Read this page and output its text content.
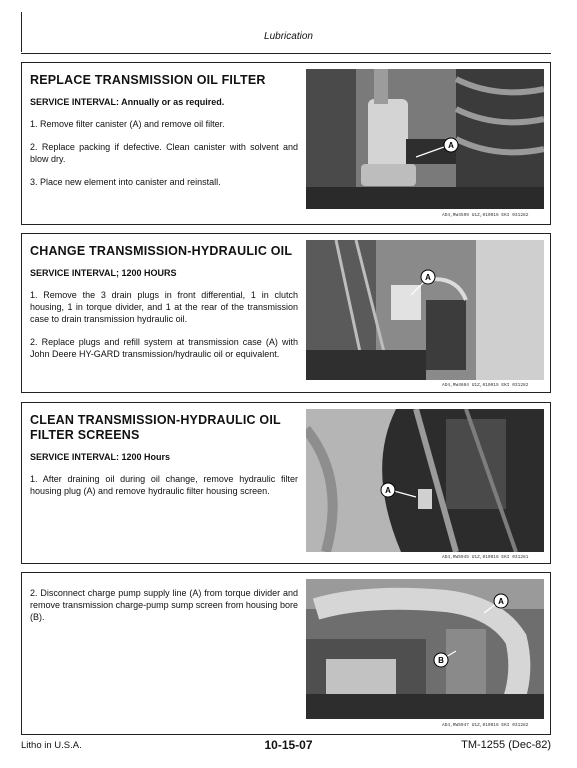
Lubrication
REPLACE TRANSMISSION OIL FILTER
SERVICE INTERVAL: Annually or as required.
1. Remove filter canister (A) and remove oil filter.
2. Replace packing if defective. Clean canister with solvent and blow dry.
3. Place new element into canister and reinstall.
A
AD4,RW4599 U1Z,010016 EKI 031282
CHANGE TRANSMISSION-HYDRAULIC OIL
SERVICE INTERVAL; 1200 HOURS
1. Remove the 3 drain plugs in front differential, 1 in clutch housing, 1 in torque divider, and 1 at the rear of the transmission case to drain transmission hydraulic oil.
2. Replace plugs and refill system at transmission case (A) with John Deere HY-GARD transmission/hydraulic oil or equivalent.
A
AD4,RW4604 U1Z,010015 EKI 031282
CLEAN TRANSMISSION-HYDRAULIC OIL FILTER SCREENS
SERVICE INTERVAL: 1200 Hours
1. After draining oil during oil change, remove hydraulic filter housing plug (A) and remove hydraulic filter housing screen.	A
AD4,RW5945 U1Z,010016 EKI 031281
2. Disconnect charge pump supply line (A) from torque divider and remove transmission charge-pump sump screen from housing bore (B).
A
B
AD4,RW5947 U1Z,010016 EKI 031282
Litho in U.S.A.	10-15-07	TM-1255 (Dec-82)
